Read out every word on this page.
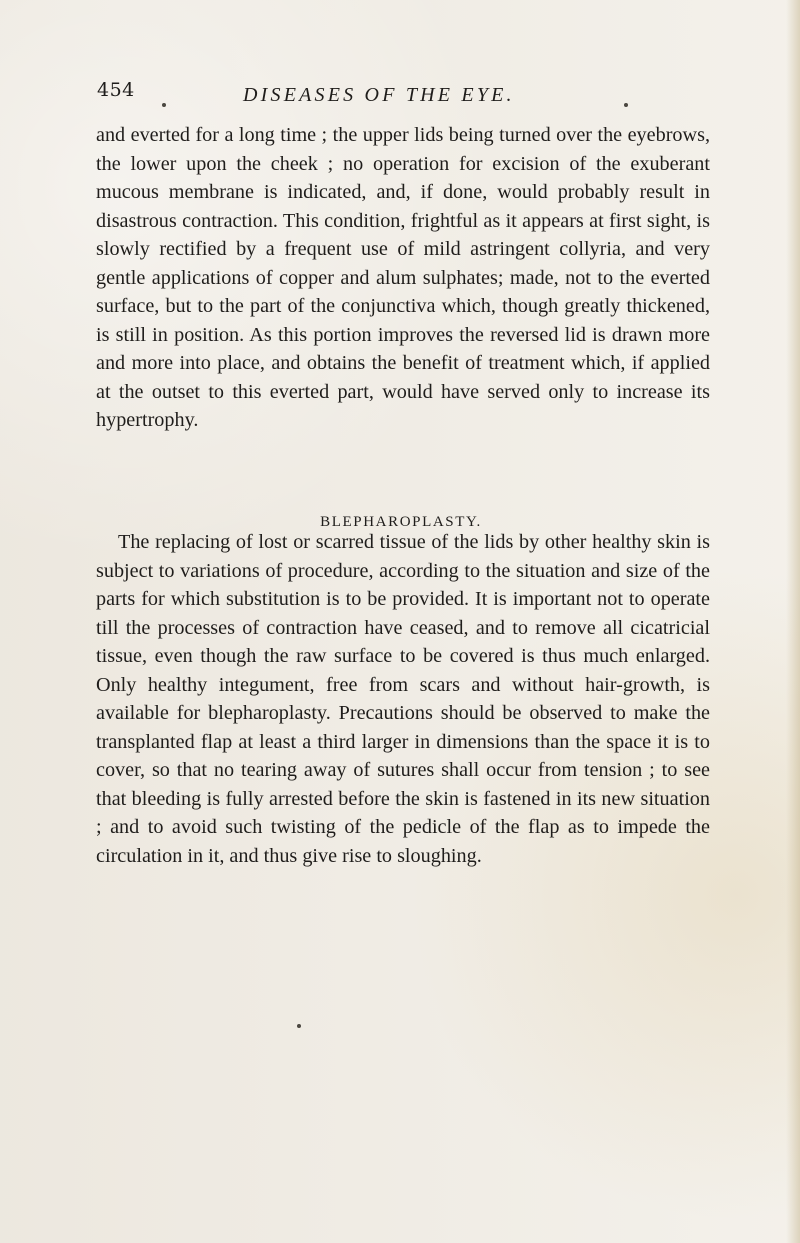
454	DISEASES OF THE EYE.

and everted for a long time ; the upper lids being turned over the eyebrows, the lower upon the cheek ; no operation for excision of the exuberant mucous membrane is indicated, and, if done, would probably result in disastrous contraction. This condition, frightful as it appears at first sight, is slowly rectified by a frequent use of mild astringent collyria, and very gentle applications of copper and alum sulphates; made, not to the everted surface, but to the part of the conjunctiva which, though greatly thickened, is still in position. As this portion improves the reversed lid is drawn more and more into place, and obtains the benefit of treatment which, if applied at the outset to this everted part, would have served only to increase its hypertrophy.

BLEPHAROPLASTY.

The replacing of lost or scarred tissue of the lids by other healthy skin is subject to variations of procedure, according to the situation and size of the parts for which substitution is to be provided. It is important not to operate till the processes of contraction have ceased, and to remove all cicatricial tissue, even though the raw surface to be covered is thus much enlarged. Only healthy integument, free from scars and without hair-growth, is available for blepharoplasty. Precautions should be observed to make the transplanted flap at least a third larger in dimensions than the space it is to cover, so that no tearing away of sutures shall occur from tension ; to see that bleeding is fully arrested before the skin is fastened in its new situation ; and to avoid such twisting of the pedicle of the flap as to impede the circulation in it, and thus give rise to sloughing.
